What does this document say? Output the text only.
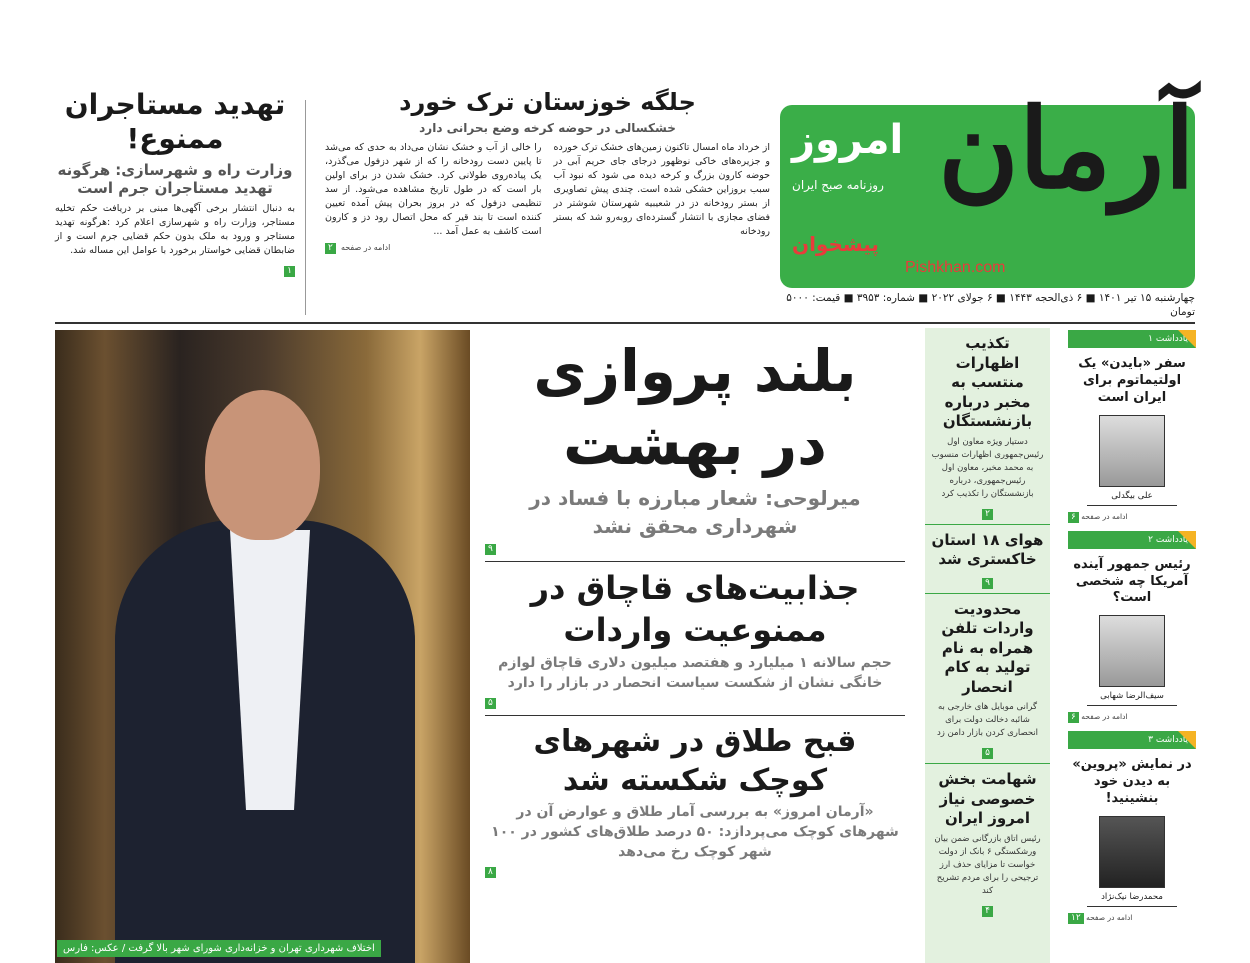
آرمان
امروز
روزنامه صبح ایران
پیشخوان
Pishkhan.com
چهارشنبه ۱۵ تیر ۱۴۰۱ ■ ۶ ذی‌الحجه ۱۴۴۳ ■ ۶ جولای ۲۰۲۲ ■ شماره: ۳۹۵۳ ■ قیمت: ۵۰۰۰ تومان
تهدید مستاجران ممنوع!
وزارت راه و شهرسازی: هرگونه تهدید مستاجران جرم است
به دنبال انتشار برخی آگهی‌ها مبنی بر دریافت حکم تخلیه مستاجر، وزارت راه و شهرسازی اعلام کرد :هرگونه تهدید مستاجر و ورود به ملک بدون حکم قضایی جرم است و از ضابطان قضایی خواستار برخورد با عوامل این مساله شد.
۱
جلگه خوزستان ترک خورد
خشکسالی در حوضه کرخه وضع بحرانی دارد
از خرداد ماه امسال تاکنون زمین‌های خشک ترک خورده و جزیره‌های خاکی نوظهور درجای جای حریم آبی در حوضه کارون بزرگ و کرخه دیده می شود که نبود آب سبب بروزاین خشکی شده است. چندی پیش تصاویری از بستر رودخانه دز در شعیبیه شهرستان شوشتر در فضای مجازی با انتشار گسترده‌ای روبه‌رو شد که بستر رودخانه
را خالی از آب و خشک نشان می‌داد به حدی که می‌شد تا پایین دست رودخانه را که از شهر دزفول می‌گذرد، یک پیاده‌روی طولانی کرد. خشک شدن دز برای اولین بار است که در طول تاریخ مشاهده می‌شود. از سد تنظیمی دزفول که در بروز بحران پیش آمده تعیین کننده است تا بند قیر که محل اتصال رود دز و کارون است کاشف به عمل آمد ...
۲ ادامه در صفحه
اختلاف شهرداری تهران و خزانه‌داری شورای شهر بالا گرفت / عکس: فارس
بلند پروازی
در بهشت
میرلوحی: شعار مبارزه با فساد در شهرداری محقق نشد
۹
جذابیت‌های قاچاق در ممنوعیت واردات
حجم سالانه ۱ میلیارد و هفتصد میلیون دلاری قاچاق لوازم خانگی نشان از شکست سیاست انحصار در بازار را دارد
۵
قبح طلاق در شهرهای کوچک شکسته شد
«آرمان امروز» به بررسی آمار طلاق و عوارض آن در شهرهای کوچک می‌پردازد: ۵۰ درصد طلاق‌های کشور در ۱۰۰ شهر کوچک رخ می‌دهد
۸
تکذیب اظهارات منتسب به مخبر درباره بازنشستگان

دستیار ویژه معاون اول رئیس‌جمهوری اظهارات منسوب به محمد مخبر، معاون اول رئیس‌جمهوری، درباره بازنشستگان را تکذیب کرد

۲
هوای ۱۸ استان خاکستری شد
۹
محدودیت واردات تلفن همراه به نام تولید به کام انحصار

گرانی موبایل های خارجی به شائبه دخالت دولت برای انحصاری کردن بازار دامن زد

۵
شهامت بخش خصوصی نیاز امروز ایران

رئیس اتاق بازرگانی ضمن بیان ورشکستگی ۶ بانک از دولت خواست تا مزایای حذف ارز ترجیحی را برای مردم تشریح کند

۴
یادداشت ۱
سفر «بایدن» یک اولتیماتوم برای ایران است
علی بیگدلی
۶ ادامه در صفحه
یادداشت ۲
رئیس جمهور آینده آمریکا چه شخصی است؟
سیف‌الرضا شهابی
۶ ادامه در صفحه
یادداشت ۳
در نمایش «پروین» به دیدن خود بنشینید!
محمدرضا نیک‌نژاد
۱۲ ادامه در صفحه
